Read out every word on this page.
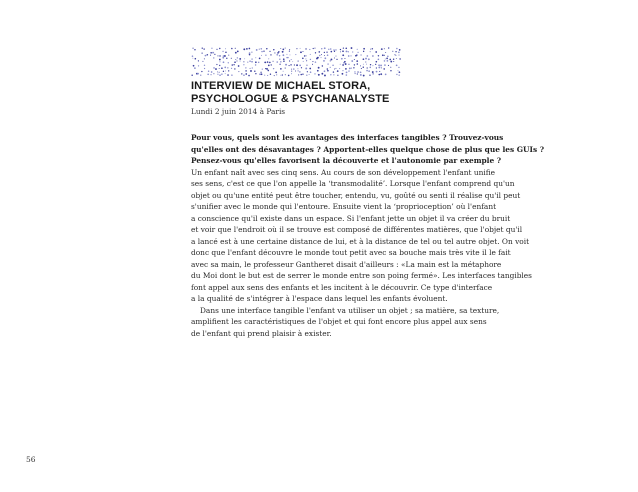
INTERVIEW DE MICHAEL STORA,
PSYCHOLOGUE & PSYCHANALYSTE
Lundi 2 juin 2014 à Paris
Pour vous, quels sont les avantages des interfaces tangibles ? Trouvez-vous
qu'elles ont des désavantages ? Apportent-elles quelque chose de plus que les GUIs ?
Pensez-vous qu'elles favorisent la découverte et l'autonomie par exemple ?
Un enfant naît avec ses cinq sens. Au cours de son développement l'enfant unifie
ses sens, c'est ce que l'on appelle la ‘transmodalité’. Lorsque l'enfant comprend qu'un
objet ou qu'une entité peut être toucher, entendu, vu, goûté ou senti il réalise qu'il peut
s'unifier avec le monde qui l'entoure. Ensuite vient la ‘proprioception’ où l'enfant
a conscience qu'il existe dans un espace. Si l'enfant jette un objet il va créer du bruit
et voir que l'endroit où il se trouve est composé de différentes matières, que l'objet qu'il
a lancé est à une certaine distance de lui, et à la distance de tel ou tel autre objet. On voit
donc que l'enfant découvre le monde tout petit avec sa bouche mais très vite il le fait
avec sa main, le professeur Gantheret disait d'ailleurs : «La main est la métaphore
du Moi dont le but est de serrer le monde entre son poing fermé». Les interfaces tangibles
font appel aux sens des enfants et les incitent à le découvrir. Ce type d'interface
a la qualité de s'intégrer à l'espace dans lequel les enfants évoluent.
Dans une interface tangible l'enfant va utiliser un objet ; sa matière, sa texture,
amplifient les caractéristiques de l'objet et qui font encore plus appel aux sens
de l'enfant qui prend plaisir à exister.
56
